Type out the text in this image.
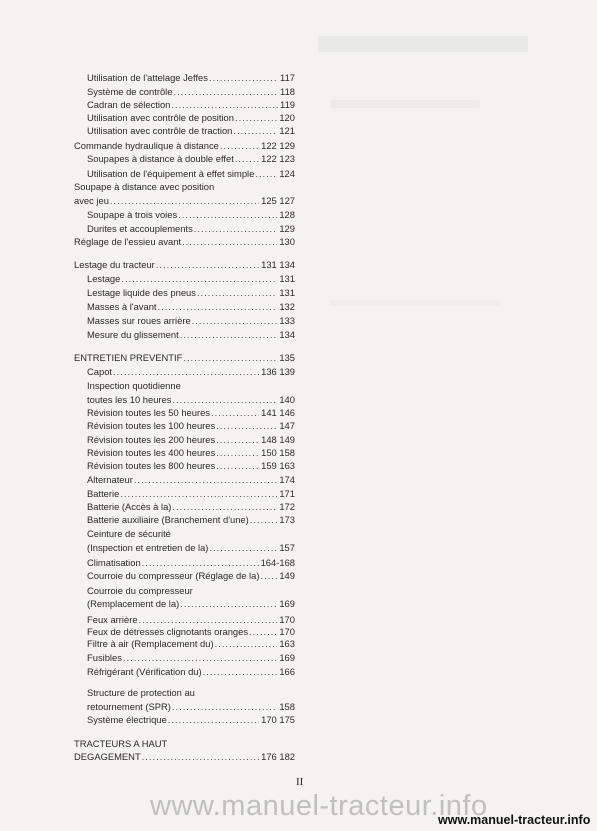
Utilisation de l'attelage Jeffes .....	117
Système de contrôle .....	118
Cadran de sélection .....	119
Utilisation avec contrôle de position .....	120
Utilisation avec contrôle de traction .....	121
Commande hydraulique à distance .....	122 129
Soupapes à distance à double effet .....	122 123
Utilisation de l'équipement à effet simple .....	124
Soupape à distance avec position
avec jeu .....	125 127
Soupape à trois voies .....	128
Durites et accouplements .....	129
Réglage de l'essieu avant .....	130
Lestage du tracteur .....	131 134
Lestage .....	131
Lestage liquide des pneus .....	131
Masses à l'avant .....	132
Masses sur roues arrière .....	133
Mesure du glissement .....	134
ENTRETIEN PREVENTIF .....	135
Capot .....	136 139
Inspection quotidienne
toutes les 10 heures .....	140
Révision toutes les 50 heures .....	141 146
Révision toutes les 100 heures .....	147
Révision toutes les 200 heures .....	148 149
Révision toutes les 400 heures .....	150 158
Révision toutes les 800 heures .....	159 163
Alternateur .....	174
Batterie .....	171
Batterie (Accès à la) .....	172
Batterie auxiliaire (Branchement d'une) .....	173
Ceinture de sécurité
(Inspection et entretien de la) .....	157
Climatisation .....	164-168
Courroie du compresseur (Réglage de la) ..... 149
Courroie du compresseur
(Remplacement de la) .....	169
Feux arrière .....	170
Feux de détresses clignotants oranges .....	170
Filtre à air (Remplacement du) .....	163
Fusibles .....	169
Réfrigérant (Vérification du) .....	166
Structure de protection au
retournement (SPR) .....	158
Système électrique .....	170 175
TRACTEURS A HAUT
DEGAGEMENT .....	176 182
II
www.manuel-tracteur.info
www.manuel-tracteur.info
